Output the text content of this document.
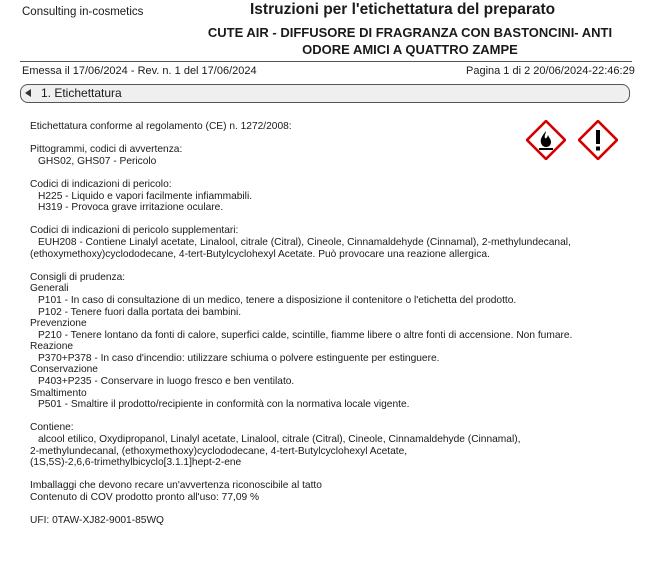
Consulting in-cosmetics	Istruzioni per l'etichettatura del preparato
CUTE AIR - DIFFUSORE DI FRAGRANZA CON BASTONCINI- ANTI ODORE AMICI A QUATTRO ZAMPE
Emessa il 17/06/2024 - Rev. n. 1 del 17/06/2024	Pagina 1 di 2 20/06/2024-22:46:29
1. Etichettatura

Etichettatura conforme al regolamento (CE) n. 1272/2008:

Pittogrammi, codici di avvertenza:

GHS02, GHS07 - Pericolo

Codici di indicazioni di pericolo:

H225 - Liquido e vapori facilmente infiammabili.

H319 - Provoca grave irritazione oculare.

Codici di indicazioni di pericolo supplementari:

EUH208 - Contiene Linalyl acetate, Linalool, citrale (Citral), Cineole, Cinnamaldehyde (Cinnamal), 2-methylundecanal,

(ethoxymethoxy)cyclododecane, 4-tert-Butylcyclohexyl Acetate. Può provocare una reazione allergica.

Consigli di prudenza:

Generali

P101 - In caso di consultazione di un medico, tenere a disposizione il contenitore o l'etichetta del prodotto.

P102 - Tenere fuori dalla portata dei bambini.

Prevenzione

P210 - Tenere lontano da fonti di calore, superfici calde, scintille, fiamme libere o altre fonti di accensione. Non fumare.

Reazione

P370+P378 - In caso d'incendio: utilizzare schiuma o polvere estinguente per estinguere.

Conservazione

P403+P235 - Conservare in luogo fresco e ben ventilato.

Smaltimento

P501 - Smaltire il prodotto/recipiente in conformità con la normativa locale vigente.

Contiene:

alcool etilico, Oxydipropanol, Linalyl acetate, Linalool, citrale (Citral), Cineole, Cinnamaldehyde (Cinnamal),

2-methylundecanal, (ethoxymethoxy)cyclododecane, 4-tert-Butylcyclohexyl Acetate,

(1S,5S)-2,6,6-trimethylbicyclo[3.1.1]hept-2-ene

Imballaggi che devono recare un'avvertenza riconoscibile al tatto

Contenuto di COV prodotto pronto all'uso: 77,09 %

UFI: 0TAW-XJ82-9001-85WQ
